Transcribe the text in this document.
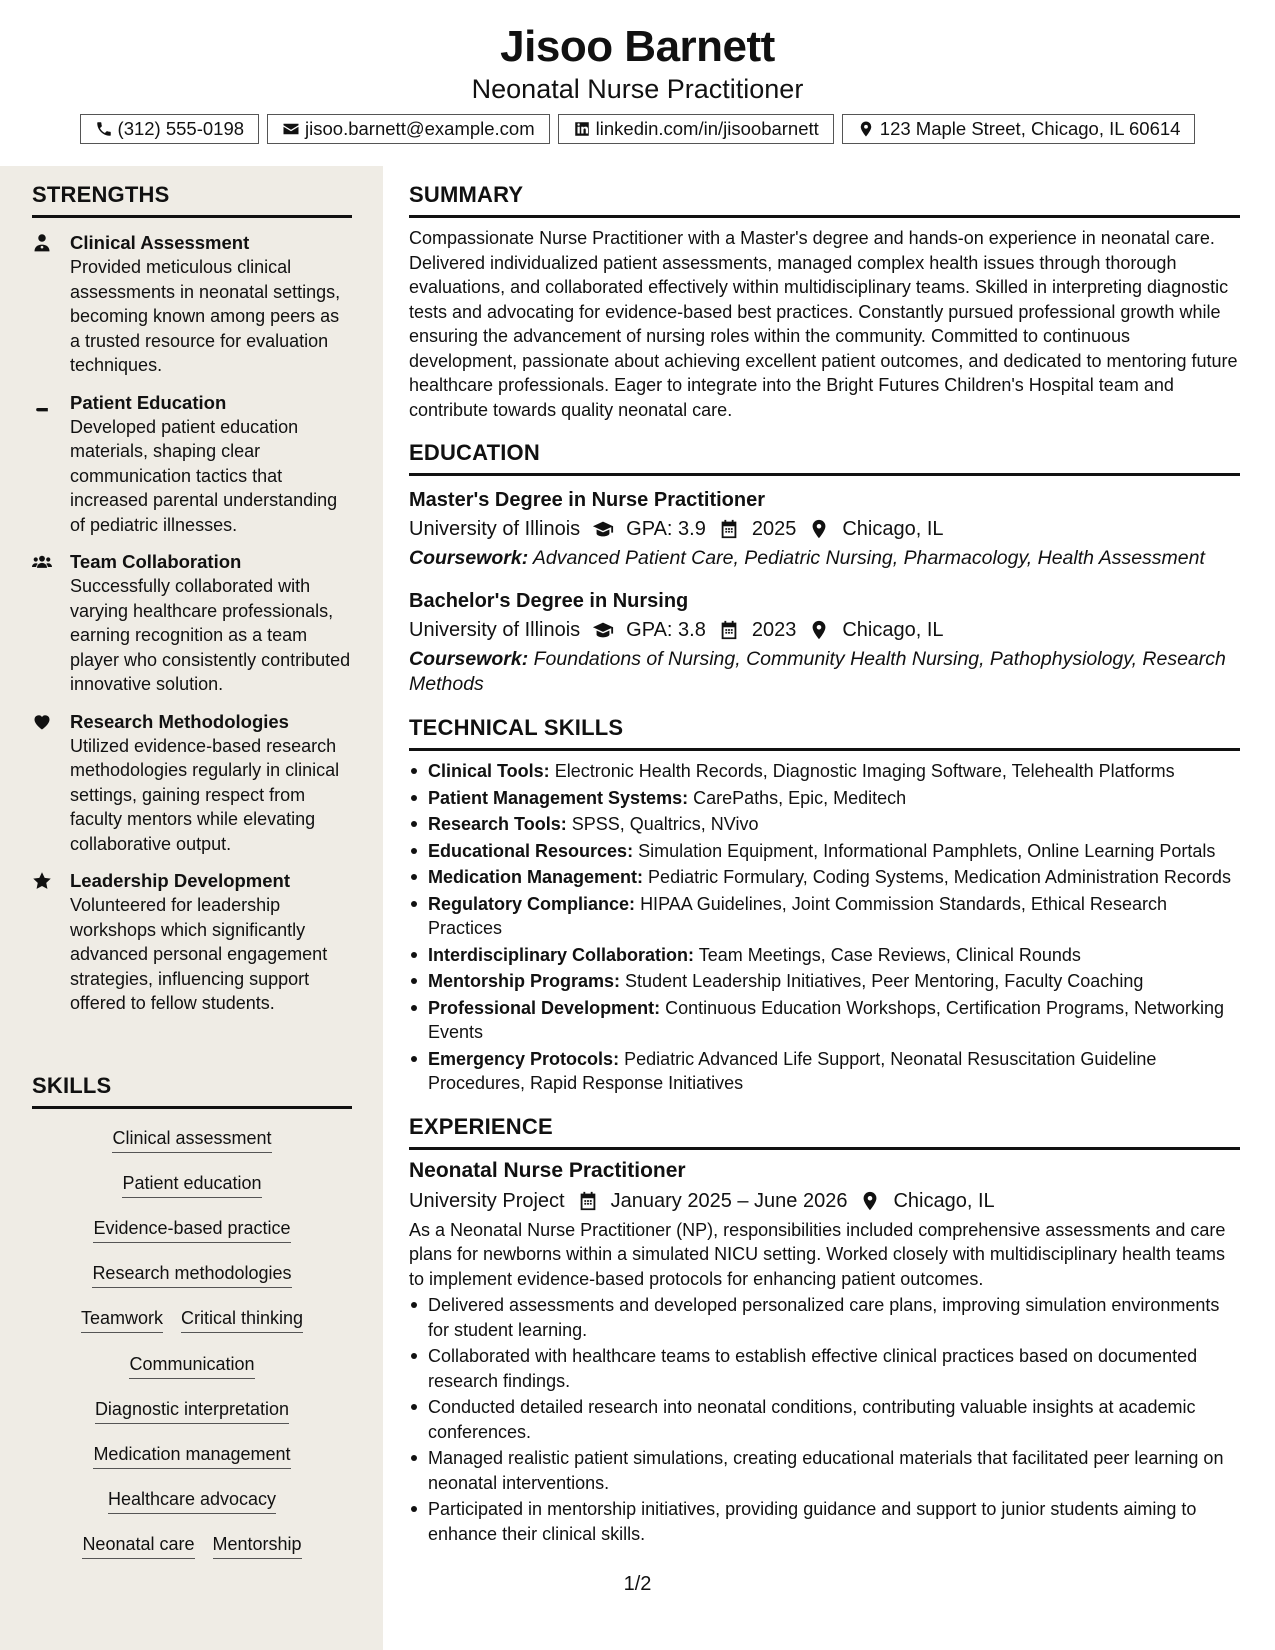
Jisoo Barnett
Neonatal Nurse Practitioner
(312) 555-0198	jisoo.barnett@example.com	linkedin.com/in/jisoobarnett	123 Maple Street, Chicago, IL 60614
STRENGTHS
Clinical Assessment
Provided meticulous clinical assessments in neonatal settings, becoming known among peers as a trusted resource for evaluation techniques.
Patient Education
Developed patient education materials, shaping clear communication tactics that increased parental understanding of pediatric illnesses.
Team Collaboration
Successfully collaborated with varying healthcare professionals, earning recognition as a team player who consistently contributed innovative solution.
Research Methodologies
Utilized evidence-based research methodologies regularly in clinical settings, gaining respect from faculty mentors while elevating collaborative output.
Leadership Development
Volunteered for leadership workshops which significantly advanced personal engagement strategies, influencing support offered to fellow students.
SKILLS
Clinical assessment
Patient education
Evidence-based practice
Research methodologies
Teamwork Critical thinking
Communication
Diagnostic interpretation
Medication management
Healthcare advocacy
Neonatal care Mentorship
SUMMARY

Compassionate Nurse Practitioner with a Master's degree and hands-on experience in neonatal care. Delivered individualized patient assessments, managed complex health issues through thorough evaluations, and collaborated effectively within multidisciplinary teams. Skilled in interpreting diagnostic tests and advocating for evidence-based best practices. Constantly pursued professional growth while ensuring the advancement of nursing roles within the community. Committed to continuous development, passionate about achieving excellent patient outcomes, and dedicated to mentoring future healthcare professionals. Eager to integrate into the Bright Futures Children's Hospital team and contribute towards quality neonatal care.

EDUCATION
Master's Degree in Nurse Practitioner
University of Illinois GPA: 3.9 2025 Chicago, IL
Coursework: Advanced Patient Care, Pediatric Nursing, Pharmacology, Health Assessment
Bachelor's Degree in Nursing
University of Illinois GPA: 3.8 2023 Chicago, IL
Coursework: Foundations of Nursing, Community Health Nursing, Pathophysiology, Research Methods
TECHNICAL SKILLS
Clinical Tools: Electronic Health Records, Diagnostic Imaging Software, Telehealth Platforms
Patient Management Systems: CarePaths, Epic, Meditech
Research Tools: SPSS, Qualtrics, NVivo
Educational Resources: Simulation Equipment, Informational Pamphlets, Online Learning Portals
Medication Management: Pediatric Formulary, Coding Systems, Medication Administration Records
Regulatory Compliance: HIPAA Guidelines, Joint Commission Standards, Ethical Research Practices
Interdisciplinary Collaboration: Team Meetings, Case Reviews, Clinical Rounds
Mentorship Programs: Student Leadership Initiatives, Peer Mentoring, Faculty Coaching
Professional Development: Continuous Education Workshops, Certification Programs, Networking Events
Emergency Protocols: Pediatric Advanced Life Support, Neonatal Resuscitation Guideline Procedures, Rapid Response Initiatives
EXPERIENCE
Neonatal Nurse Practitioner
University Project January 2025 – June 2026 Chicago, IL

As a Neonatal Nurse Practitioner (NP), responsibilities included comprehensive assessments and care plans for newborns within a simulated NICU setting. Worked closely with multidisciplinary health teams to implement evidence-based protocols for enhancing patient outcomes.

Delivered assessments and developed personalized care plans, improving simulation environments for student learning.
Collaborated with healthcare teams to establish effective clinical practices based on documented research findings.
Conducted detailed research into neonatal conditions, contributing valuable insights at academic conferences.
Managed realistic patient simulations, creating educational materials that facilitated peer learning on neonatal interventions.
Participated in mentorship initiatives, providing guidance and support to junior students aiming to enhance their clinical skills.
1/2
